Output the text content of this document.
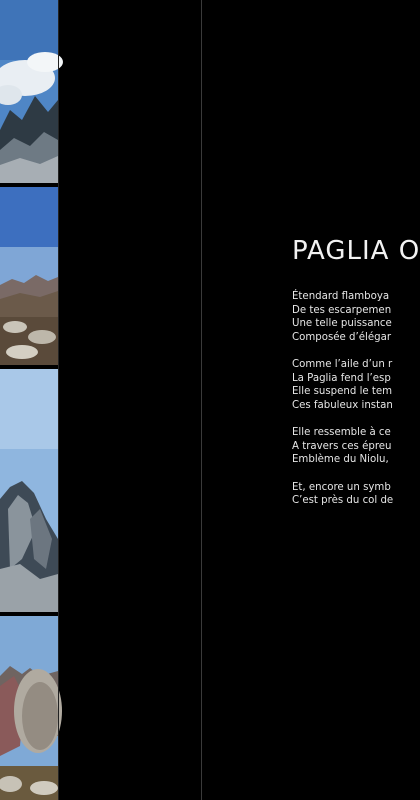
PAGLIA O
Étendard flamboya
De tes escarpemen
Une telle puissance
Composée d’élégar
Comme l’aile d’un r
La Paglia fend l’esp
Elle suspend le tem
Ces fabuleux instan
Elle ressemble à ce
A travers ces épreu
Emblème du Niolu,
Et, encore un symb
C’est près du col de
